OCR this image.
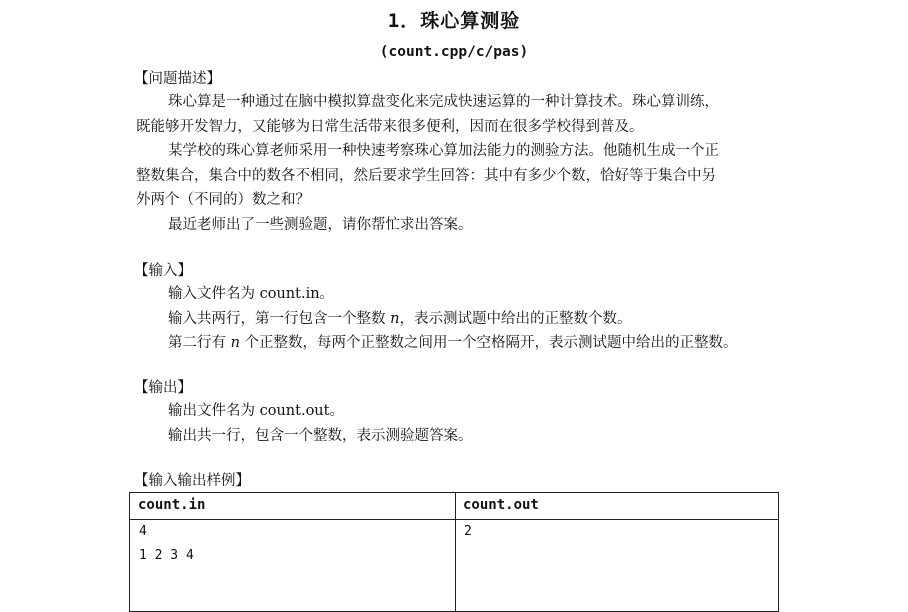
1．珠心算测验
(count.cpp/c/pas)
【问题描述】
珠心算是一种通过在脑中模拟算盘变化来完成快速运算的一种计算技术。珠心算训练，
既能够开发智力，又能够为日常生活带来很多便利，因而在很多学校得到普及。
某学校的珠心算老师采用一种快速考察珠心算加法能力的测验方法。他随机生成一个正
整数集合，集合中的数各不相同，然后要求学生回答：其中有多少个数，恰好等于集合中另
外两个（不同的）数之和？
最近老师出了一些测验题，请你帮忙求出答案。
【输入】
输入文件名为 count.in。
输入共两行，第一行包含一个整数 n，表示测试题中给出的正整数个数。
第二行有 n 个正整数，每两个正整数之间用一个空格隔开，表示测试题中给出的正整数。
【输出】
输出文件名为 count.out。
输出共一行，包含一个整数，表示测验题答案。
【输入输出样例】
count.in	count.out
4
1 2 3 4
2
